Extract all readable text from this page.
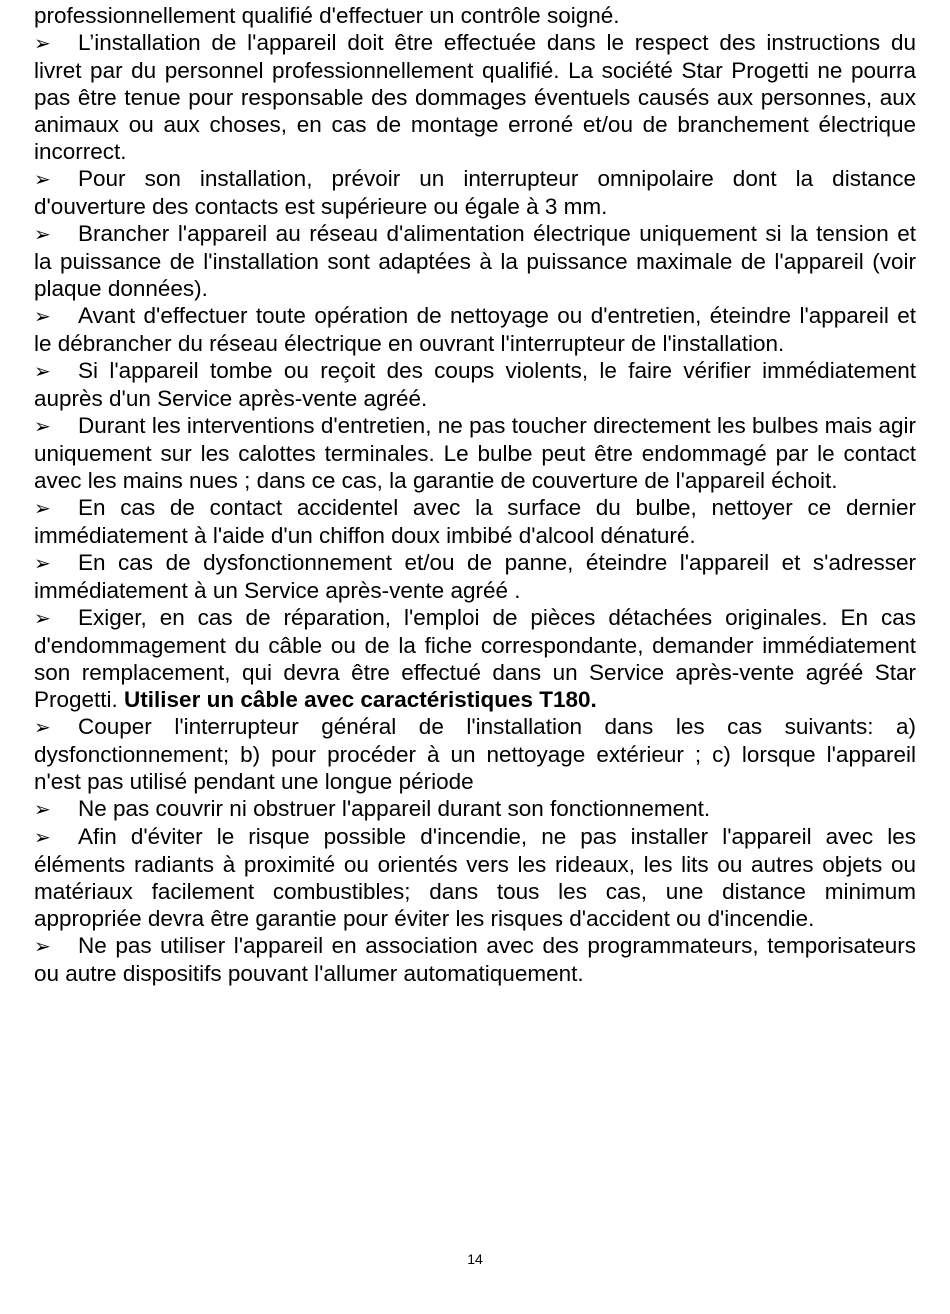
professionnellement qualifié d'effectuer un contrôle soigné.

➢ L’installation de l'appareil doit être effectuée dans le respect des instructions du livret par du personnel professionnellement qualifié. La société Star Progetti ne pourra pas être tenue pour responsable des dommages éventuels causés aux personnes, aux animaux ou aux choses, en cas de montage erroné et/ou de branchement électrique incorrect.

➢ Pour son installation, prévoir un interrupteur omnipolaire dont la distance d'ouverture des contacts est supérieure ou égale à 3 mm.

➢ Brancher l'appareil au réseau d'alimentation électrique uniquement si la tension et la puissance de l'installation sont adaptées à la puissance maximale de l'appareil (voir plaque données).

➢ Avant d'effectuer toute opération de nettoyage ou d'entretien, éteindre l'appareil et le débrancher du réseau électrique en ouvrant l'interrupteur de l'installation.

➢ Si l'appareil tombe ou reçoit des coups violents, le faire vérifier immédiatement auprès d'un Service après-vente agréé.

➢ Durant les interventions d'entretien, ne pas toucher directement les bulbes mais agir uniquement sur les calottes terminales. Le bulbe peut être endommagé par le contact avec les mains nues ; dans ce cas, la garantie de couverture de l'appareil échoit.

➢ En cas de contact accidentel avec la surface du bulbe, nettoyer ce dernier immédiatement à l'aide d'un chiffon doux imbibé d'alcool dénaturé.

➢ En cas de dysfonctionnement et/ou de panne, éteindre l'appareil et s'adresser immédiatement à un Service après-vente agréé .

➢ Exiger, en cas de réparation, l'emploi de pièces détachées originales. En cas d'endommagement du câble ou de la fiche correspondante, demander immédiatement son remplacement, qui devra être effectué dans un Service après-vente agréé Star Progetti. Utiliser un câble avec caractéristiques T180.

➢ Couper l'interrupteur général de l'installation dans les cas suivants: a) dysfonctionnement; b) pour procéder à un nettoyage extérieur ; c) lorsque l'appareil n'est pas utilisé pendant une longue période

➢ Ne pas couvrir ni obstruer l'appareil durant son fonctionnement.

➢ Afin d'éviter le risque possible d'incendie, ne pas installer l'appareil avec les éléments radiants à proximité ou orientés vers les rideaux, les lits ou autres objets ou matériaux facilement combustibles; dans tous les cas, une distance minimum appropriée devra être garantie pour éviter les risques d'accident ou d'incendie.

➢ Ne pas utiliser l'appareil en association avec des programmateurs, temporisateurs ou autre dispositifs pouvant l'allumer automatiquement.

14
